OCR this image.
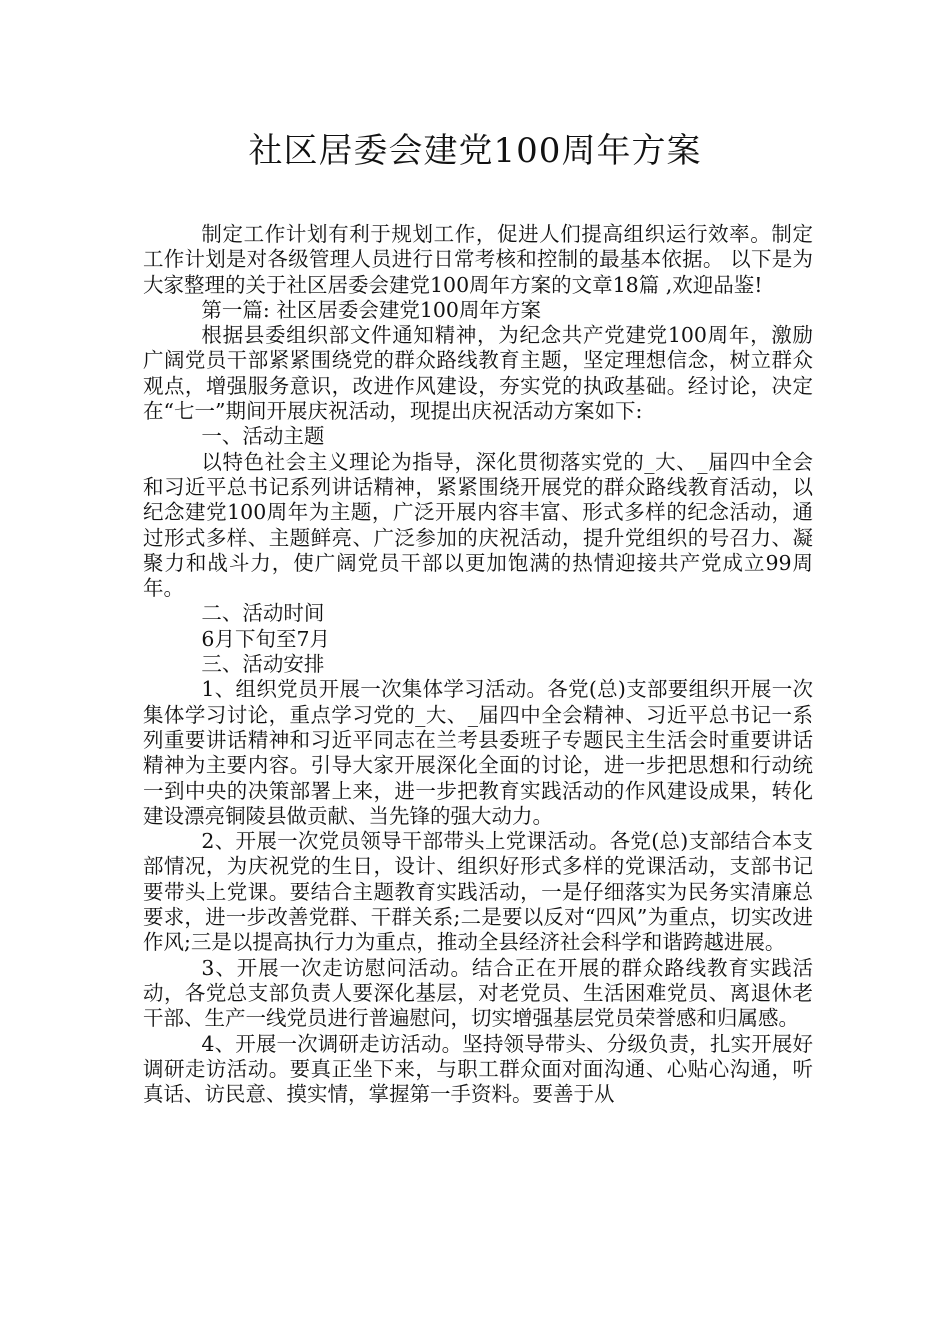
社区居委会建党100周年方案

制定工作计划有利于规划工作，促进人们提高组织运行效率。制定工作计划是对各级管理人员进行日常考核和控制的最基本依据。 以下是为大家整理的关于社区居委会建党100周年方案的文章18篇 ,欢迎品鉴!

第一篇: 社区居委会建党100周年方案

根据县委组织部文件通知精神，为纪念共产党建党100周年，激励广阔党员干部紧紧围绕党的群众路线教育主题，坚定理想信念，树立群众观点，增强服务意识，改进作风建设，夯实党的执政基础。经讨论，决定在“七一”期间开展庆祝活动，现提出庆祝活动方案如下:

一、活动主题

以特色社会主义理论为指导，深化贯彻落实党的_大、_届四中全会和习近平总书记系列讲话精神，紧紧围绕开展党的群众路线教育活动，以纪念建党100周年为主题，广泛开展内容丰富、形式多样的纪念活动，通过形式多样、主题鲜亮、广泛参加的庆祝活动，提升党组织的号召力、凝聚力和战斗力，使广阔党员干部以更加饱满的热情迎接共产党成立99周年。

二、活动时间

6月下旬至7月

三、活动安排

1、组织党员开展一次集体学习活动。各党(总)支部要组织开展一次集体学习讨论，重点学习党的_大、_届四中全会精神、习近平总书记一系列重要讲话精神和习近平同志在兰考县委班子专题民主生活会时重要讲话精神为主要内容。引导大家开展深化全面的讨论，进一步把思想和行动统一到中央的决策部署上来，进一步把教育实践活动的作风建设成果，转化建设漂亮铜陵县做贡献、当先锋的强大动力。

2、开展一次党员领导干部带头上党课活动。各党(总)支部结合本支部情况，为庆祝党的生日，设计、组织好形式多样的党课活动，支部书记要带头上党课。要结合主题教育实践活动，一是仔细落实为民务实清廉总要求，进一步改善党群、干群关系;二是要以反对“四风”为重点，切实改进作风;三是以提高执行力为重点，推动全县经济社会科学和谐跨越进展。

3、开展一次走访慰问活动。结合正在开展的群众路线教育实践活动，各党总支部负责人要深化基层，对老党员、生活困难党员、离退休老干部、生产一线党员进行普遍慰问，切实增强基层党员荣誉感和归属感。

4、开展一次调研走访活动。坚持领导带头、分级负责，扎实开展好调研走访活动。要真正坐下来，与职工群众面对面沟通、心贴心沟通，听真话、访民意、摸实情，掌握第一手资料。要善于从
